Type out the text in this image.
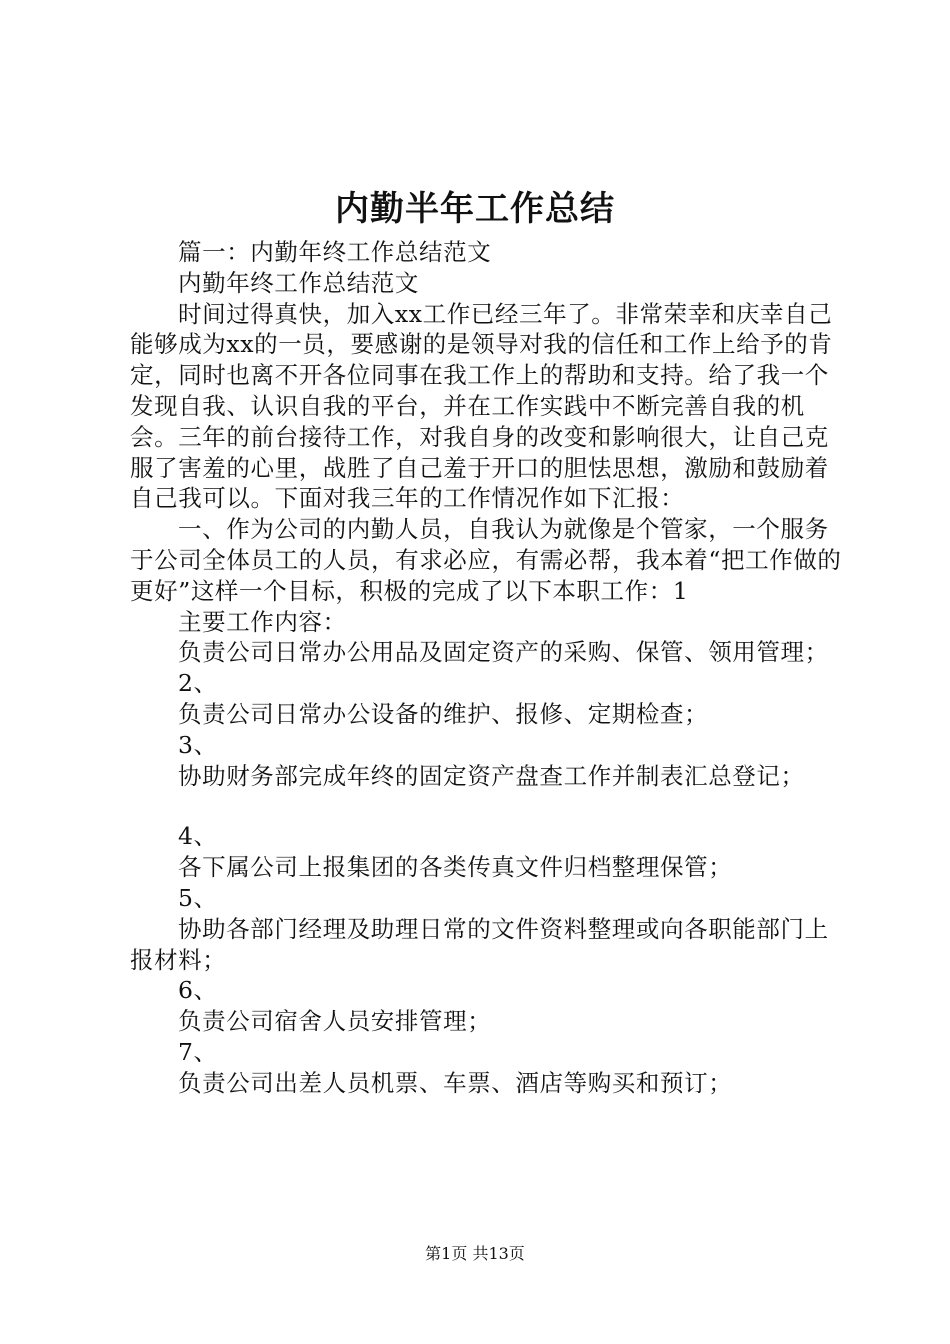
内勤半年工作总结

篇一：内勤年终工作总结范文

内勤年终工作总结范文

时间过得真快，加入xx工作已经三年了。非常荣幸和庆幸自己能够成为xx的一员，要感谢的是领导对我的信任和工作上给予的肯定，同时也离不开各位同事在我工作上的帮助和支持。给了我一个发现自我、认识自我的平台，并在工作实践中不断完善自我的机会。三年的前台接待工作，对我自身的改变和影响很大，让自己克服了害羞的心里，战胜了自己羞于开口的胆怯思想，激励和鼓励着自己我可以。下面对我三年的工作情况作如下汇报：

一、作为公司的内勤人员，自我认为就像是个管家，一个服务于公司全体员工的人员，有求必应，有需必帮，我本着“把工作做的更好”这样一个目标，积极的完成了以下本职工作：1

主要工作内容：

负责公司日常办公用品及固定资产的采购、保管、领用管理；

2、

负责公司日常办公设备的维护、报修、定期检查；

3、

协助财务部完成年终的固定资产盘查工作并制表汇总登记；

4、

各下属公司上报集团的各类传真文件归档整理保管；

5、

协助各部门经理及助理日常的文件资料整理或向各职能部门上报材料；

6、

负责公司宿舍人员安排管理；

7、

负责公司出差人员机票、车票、酒店等购买和预订；

第1页 共13页
